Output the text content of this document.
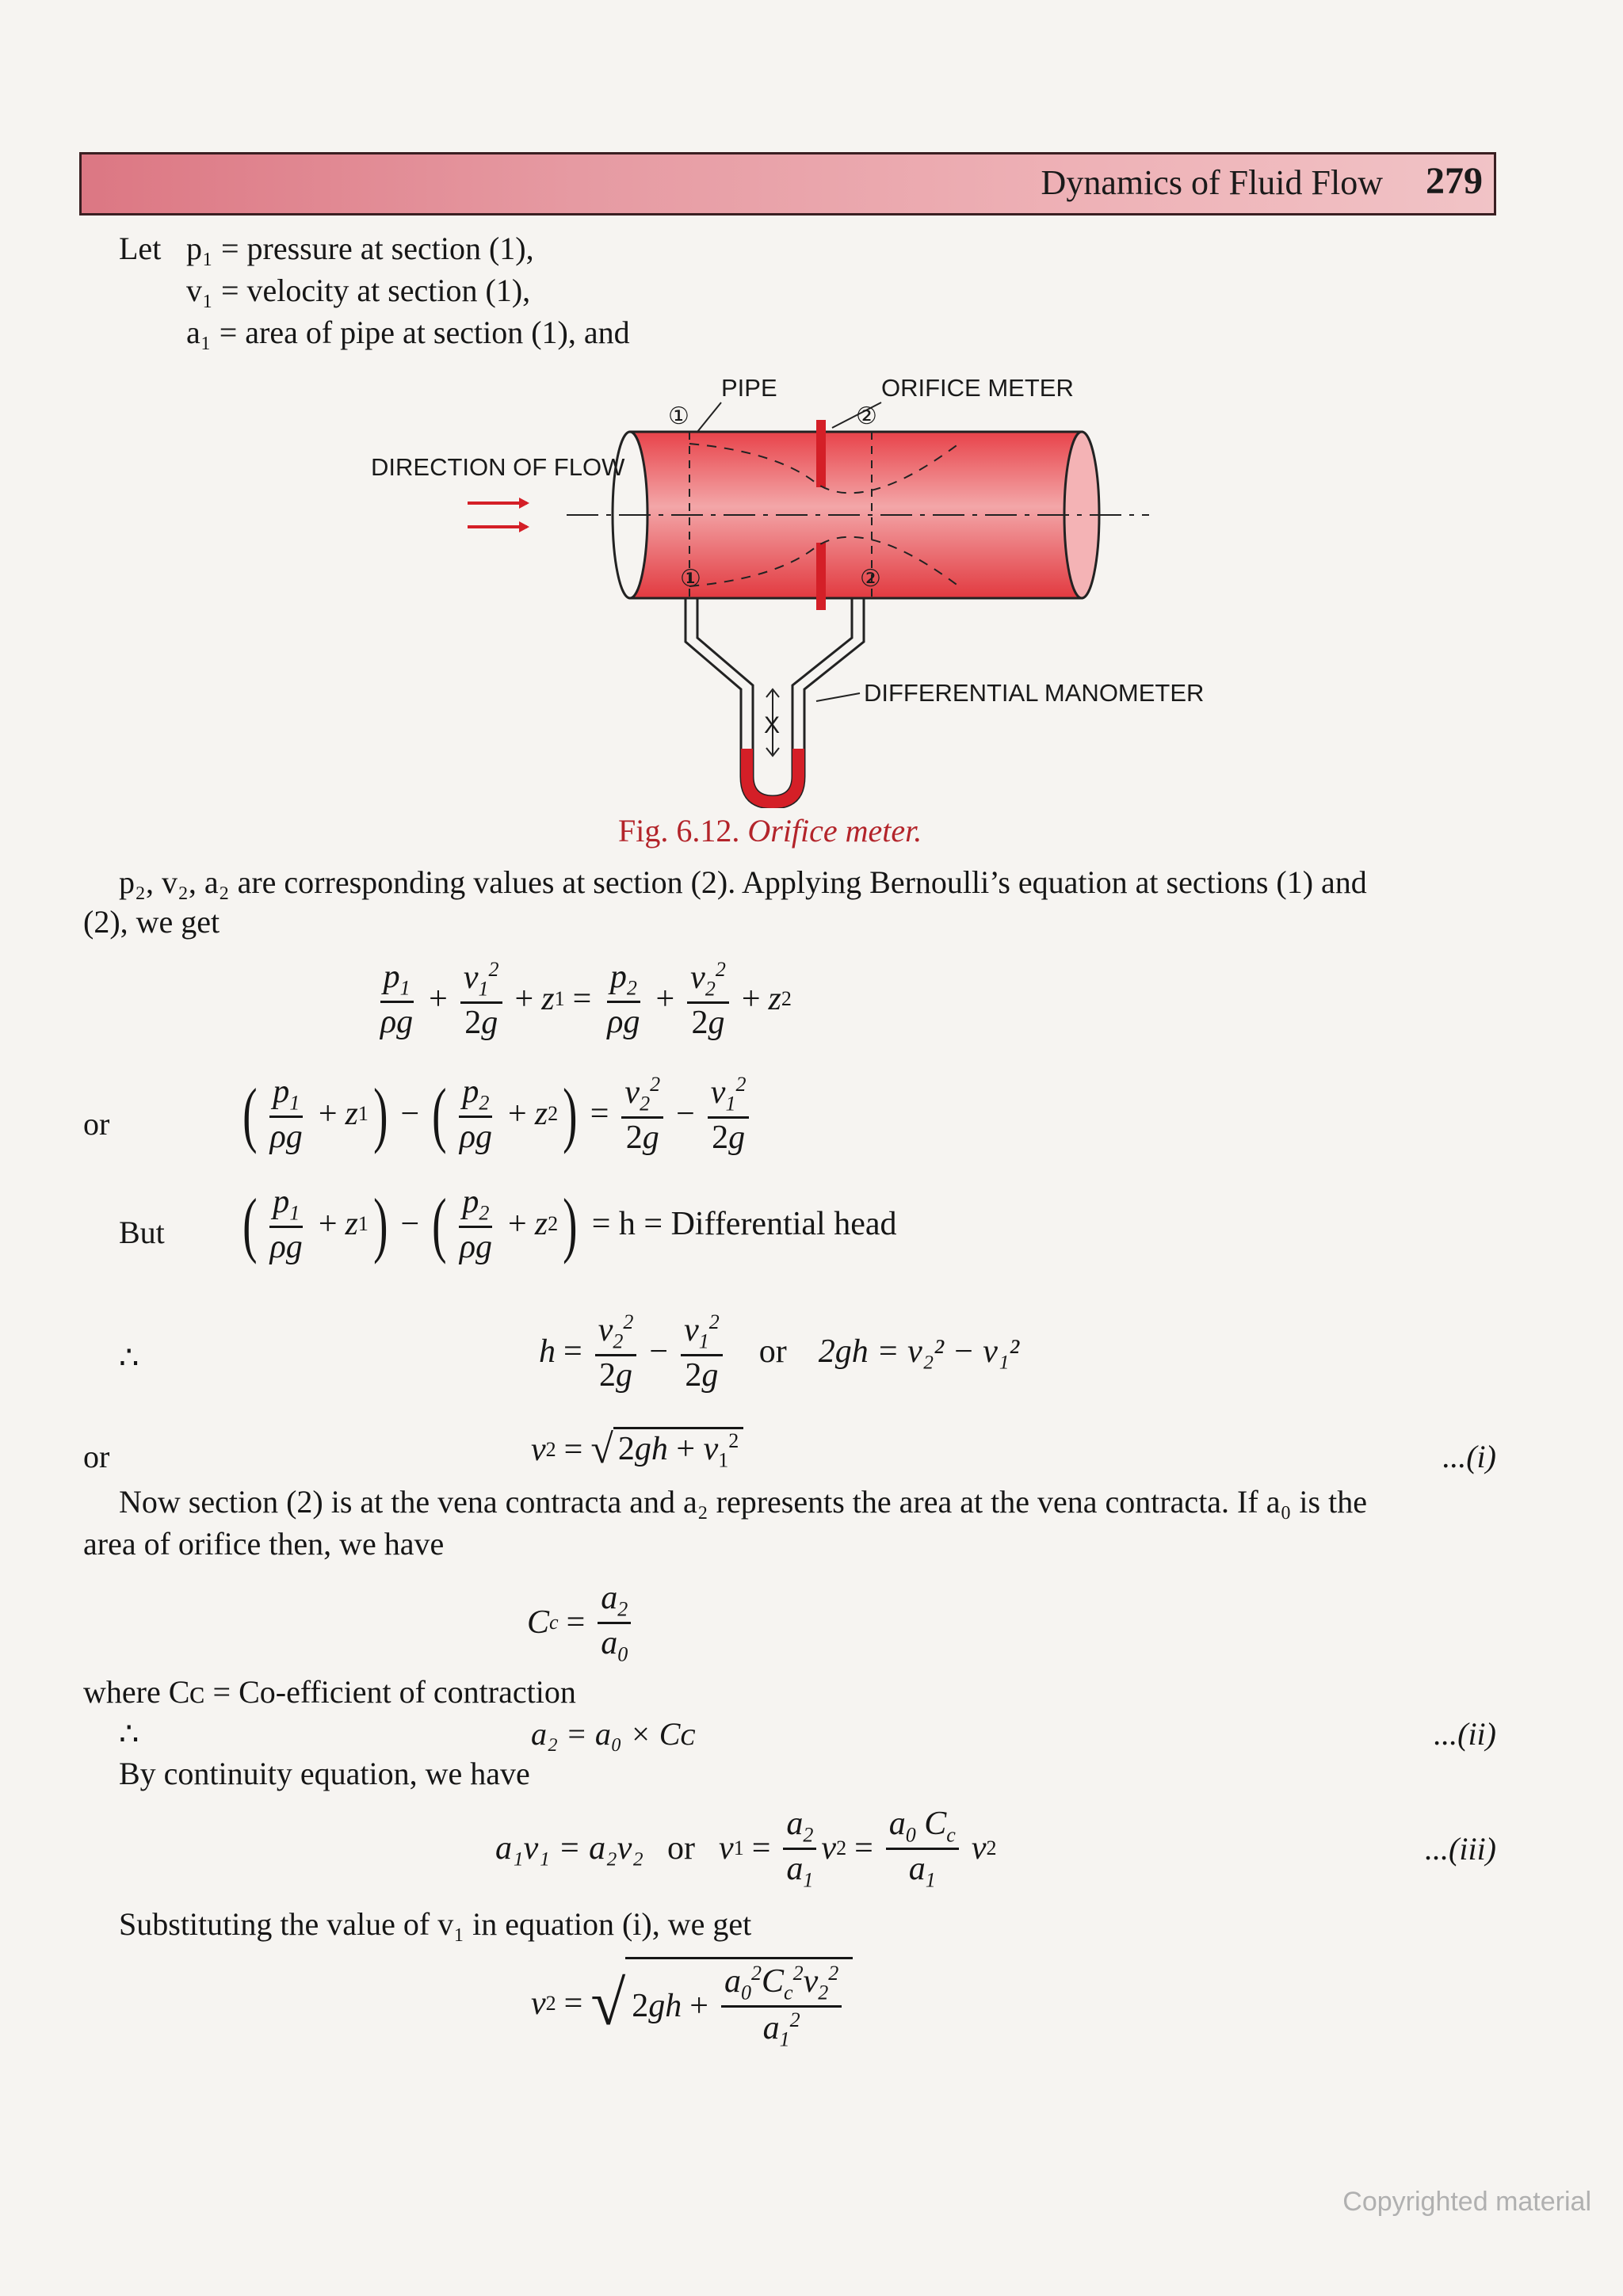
Dynamics of Fluid Flow 279
Let p₁ = pressure at section (1),
v₁ = velocity at section (1),
a₁ = area of pipe at section (1), and
X
PIPE	ORIFICE METER
DIRECTION OF FLOW
①	②
①	②
DIFFERENTIAL MANOMETER
Fig. 6.12. Orifice meter.
p₂, v₂, a₂ are corresponding values at section (2). Applying Bernoulli’s equation at sections (1) and
(2), we get
$\frac{p_1}{\rho g} + \frac{v_1^2}{2g} + z$ $1 = \frac{p_2}{\rho g} + \frac{v_2^2}{2g} + z$ 2
or ( $\frac{p_1}{\rho g} + z$ 1 ) − ( $\frac{p_2}{\rho g} + z$ 2 ) = $\frac{v_2^2}{2g} - \frac{v_1^2}{2g}$
But ( $\frac{p_1}{\rho g} + z$ 1 ) − ( $\frac{p_2}{\rho g} + z$ 2 ) = h = Differential head
∴	$h = \frac{v_2^2}{2g} - \frac{v_1^2}{2g}$ or 2gh = v₂² − v₁²
or	v 2 = √ $2gh + v_1^2$	...(i)
Now section (2) is at the vena contracta and a₂ represents the area at the vena contracta. If a₀ is the
area of orifice then, we have
C $c = \frac{a_2}{a_0}$
where Cᴄ = Co-efficient of contraction
∴	a₂ = a₀ × Cᴄ	...(ii)
By continuity equation, we have
a₁v₁ = a₂v₂ or v $1 = \frac{a_2}{a_1}$ v $2 = \frac{a_0 C_c}{a_1}$ v 2	...(iii)
Substituting the value of v₁ in equation (i), we get
v 2 = √ 2 gh + $\frac{a_0^2C_c^2v_2^2}{a_1^2}$
Copyrighted material
